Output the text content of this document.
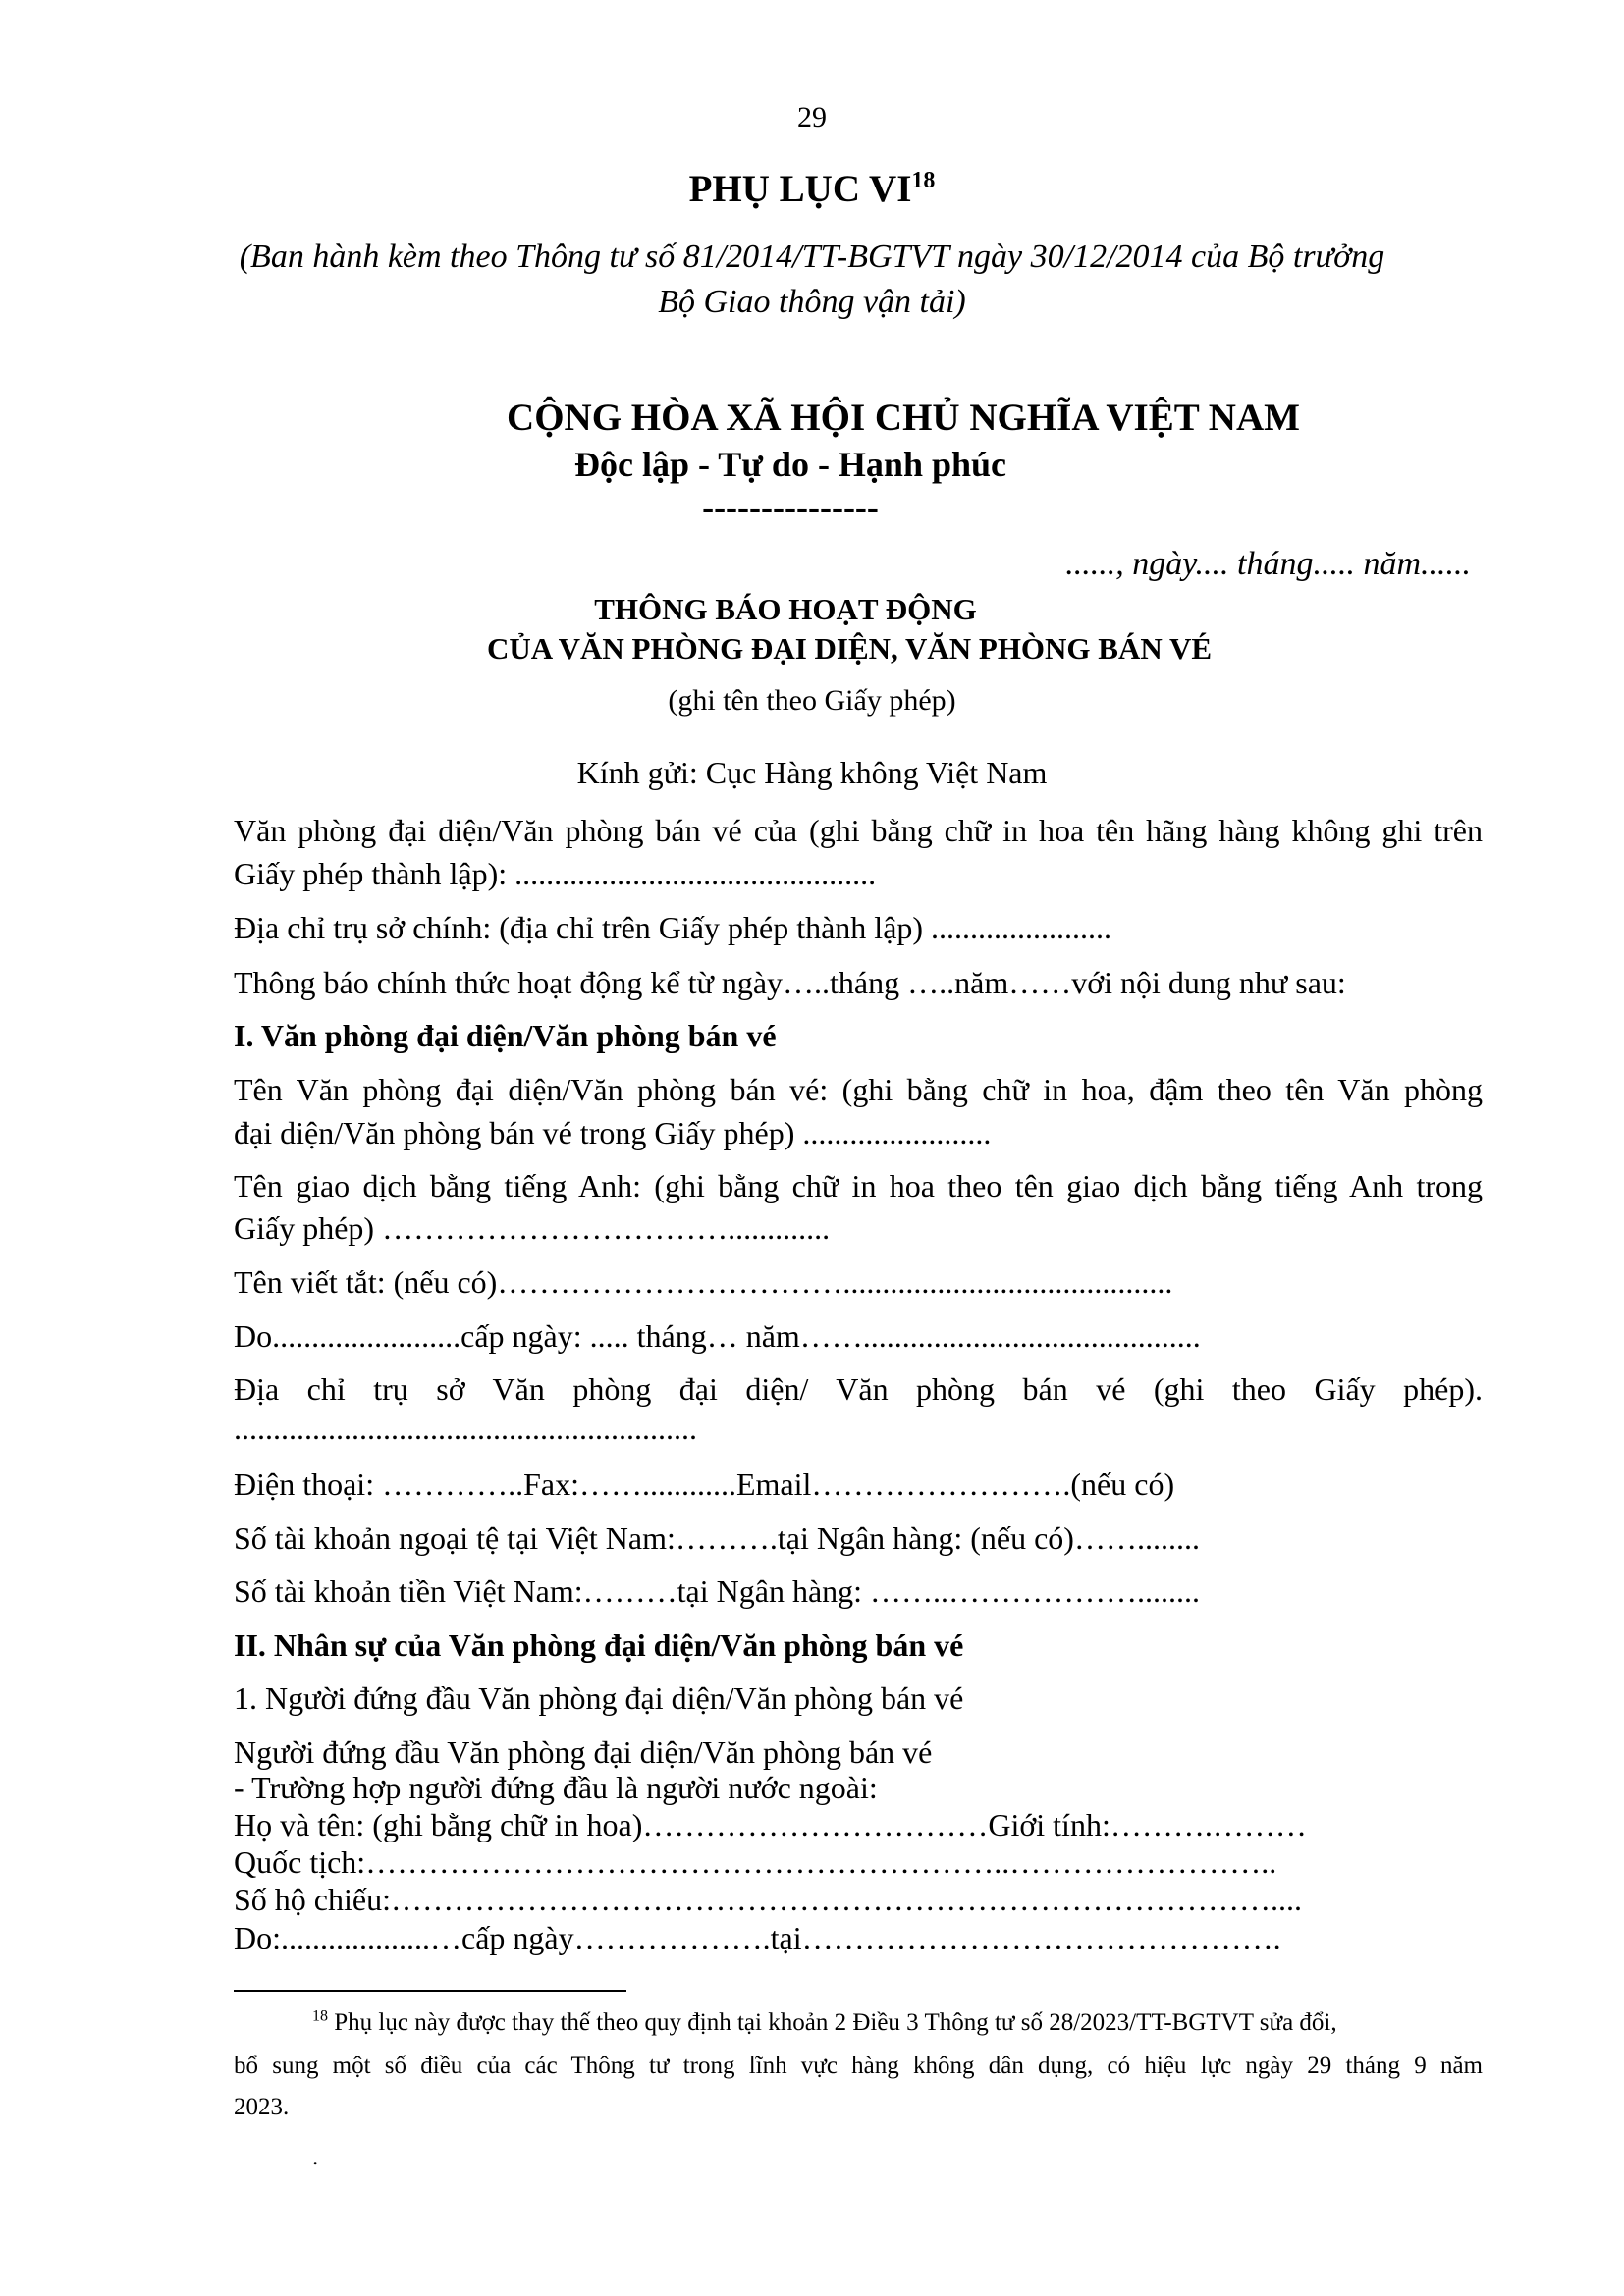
29
PHỤ LỤC VI$^{18}$
(Ban hành kèm theo Thông tư số 81/2014/TT-BGTVT ngày 30/12/2014 của Bộ trưởng
Bộ Giao thông vận tải)
CỘNG HÒA XÃ HỘI CHỦ NGHĨA VIỆT NAM
Độc lập - Tự do - Hạnh phúc
---------------
......, ngày.... tháng..... năm......
THÔNG BÁO HOẠT ĐỘNG
CỦA VĂN PHÒNG ĐẠI DIỆN, VĂN PHÒNG BÁN VÉ
(ghi tên theo Giấy phép)
Kính gửi: Cục Hàng không Việt Nam
Văn phòng đại diện/Văn phòng bán vé của (ghi bằng chữ in hoa tên hãng hàng không ghi trên
Giấy phép thành lập): ..............................................
Địa chỉ trụ sở chính: (địa chỉ trên Giấy phép thành lập) .......................
Thông báo chính thức hoạt động kể từ ngày…..tháng …..năm……với nội dung như sau:
I. Văn phòng đại diện/Văn phòng bán vé
Tên Văn phòng đại diện/Văn phòng bán vé: (ghi bằng chữ in hoa, đậm theo tên Văn phòng
đại diện/Văn phòng bán vé trong Giấy phép) ........................
Tên giao dịch bằng tiếng Anh: (ghi bằng chữ in hoa theo tên giao dịch bằng tiếng Anh trong
Giấy phép) …………………………….............
Tên viết tắt: (nếu có)……………………………..........................................
Do........................cấp ngày: ..... tháng… năm……...........................................
Địa chỉ trụ sở Văn phòng đại diện/ Văn phòng bán vé (ghi theo Giấy phép).
...........................................................
Điện thoại: …………..Fax:……............Email…………………….(nếu có)
Số tài khoản ngoại tệ tại Việt Nam:……….tại Ngân hàng: (nếu có)……........
Số tài khoản tiền Việt Nam:………tại Ngân hàng: ……..………………........
II. Nhân sự của Văn phòng đại diện/Văn phòng bán vé
1. Người đứng đầu Văn phòng đại diện/Văn phòng bán vé
Người đứng đầu Văn phòng đại diện/Văn phòng bán vé
- Trường hợp người đứng đầu là người nước ngoài:
Họ và tên: (ghi bằng chữ in hoa)……………………………Giới tính:……….………
Quốc tịch:……………………………………………………..……………………..
Số hộ chiếu:…………………………………………………………………………....
Do:...................…cấp ngày……………….tại……………………………………….
$^{18}$ Phụ lục này được thay thế theo quy định tại khoản 2 Điều 3 Thông tư số 28/2023/TT-BGTVT sửa đổi,
bổ sung một số điều của các Thông tư trong lĩnh vực hàng không dân dụng, có hiệu lực ngày 29 tháng 9 năm
2023.
.
